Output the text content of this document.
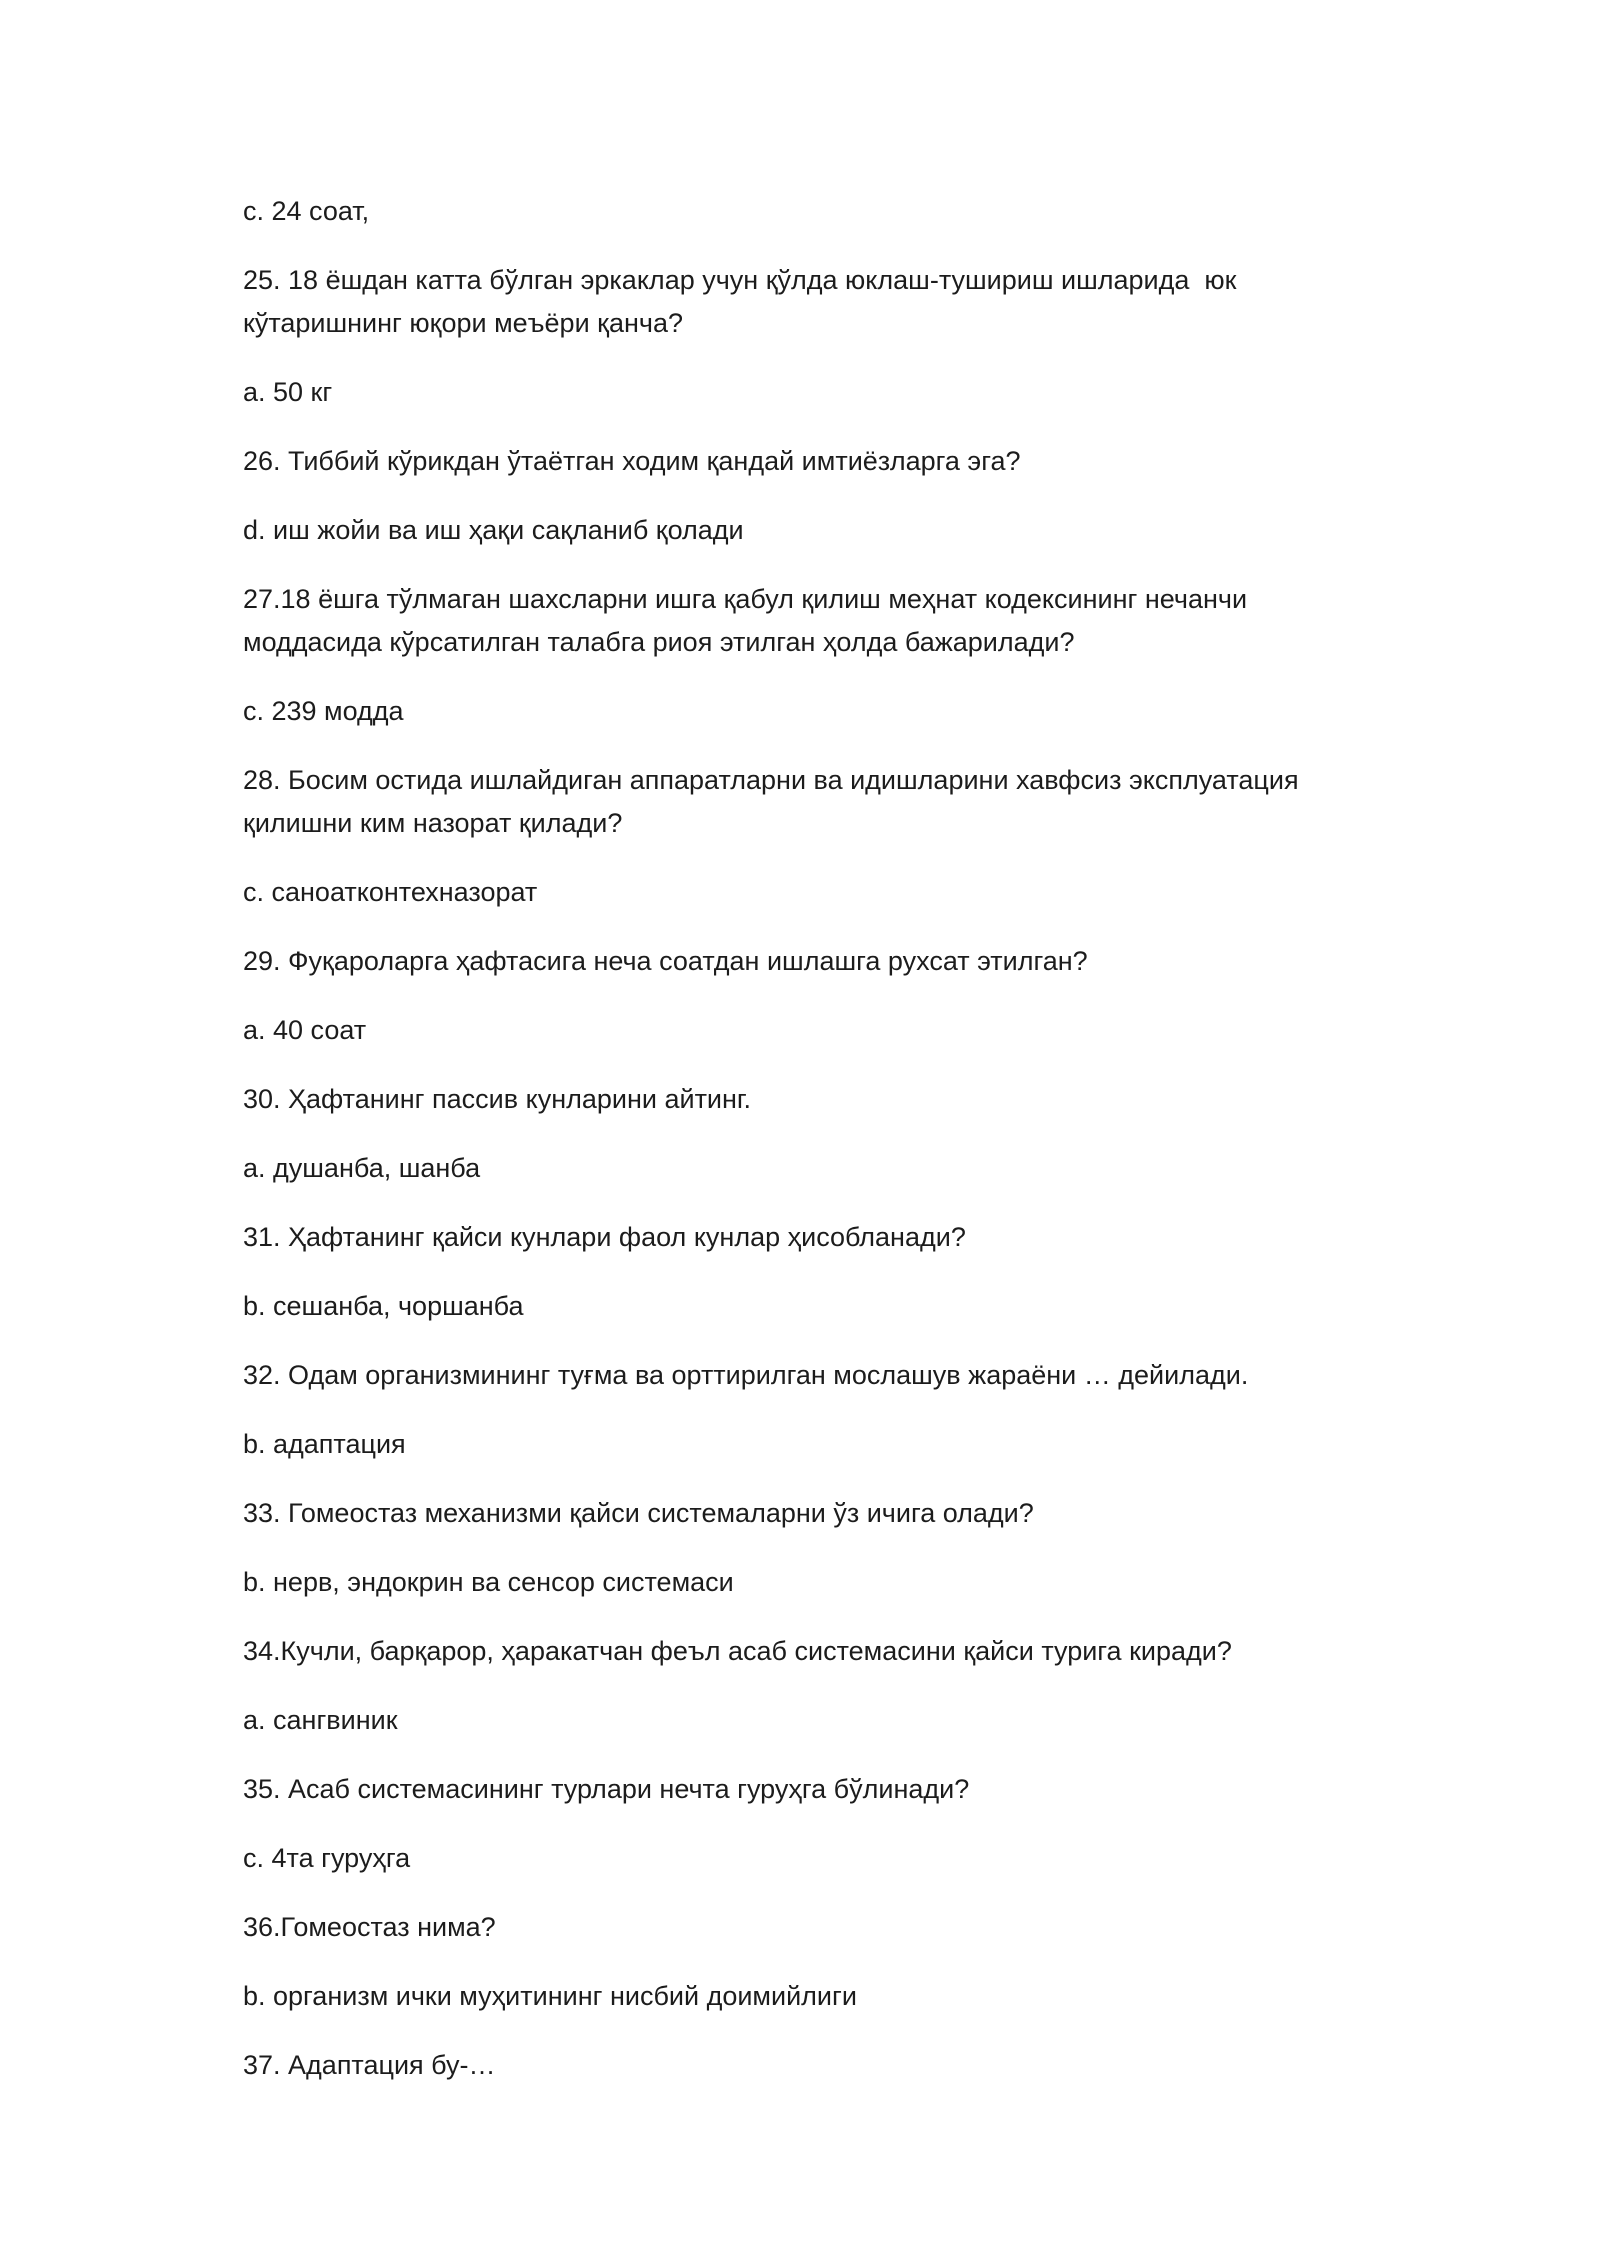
c. 24 соат,

25. 18 ёшдан катта бўлган эркаклар учун қўлда юклаш-тушириш ишларида  юк кўтаришнинг юқори меъёри қанча?

a. 50 кг

26. Тиббий кўрикдан ўтаётган ходим қандай имтиёзларга эга?

d. иш жойи ва иш ҳақи сақланиб қолади

27.18 ёшга тўлмаган шахсларни ишга қабул қилиш меҳнат кодексининг нечанчи моддасида кўрсатилган талабга риоя этилган ҳолда бажарилади?

c. 239 модда

28. Босим остида ишлайдиган аппаратларни ва идишларини хавфсиз эксплуатация қилишни ким назорат қилади?

c. саноатконтехназорат

29. Фуқароларга ҳафтасига неча соатдан ишлашга рухсат этилган?

a. 40 соат

30. Ҳафтанинг пассив кунларини айтинг.

a. душанба, шанба

31. Ҳафтанинг қайси кунлари фаол кунлар ҳисобланади?

b. сешанба, чоршанба

32. Одам организмининг туғма ва орттирилган мослашув жараёни … дейилади.

b. адаптация

33. Гомеостаз механизми қайси системаларни ўз ичига олади?

b. нерв, эндокрин ва сенсор системаси

34.Кучли, барқарор, ҳаракатчан феъл асаб системасини қайси турига киради?

a. сангвиник

35. Асаб системасининг турлари нечта гуруҳга бўлинади?

c. 4та гуруҳга

36.Гомеостаз нима?

b. организм ички муҳитининг нисбий доимийлиги

37. Адаптация бу-…
